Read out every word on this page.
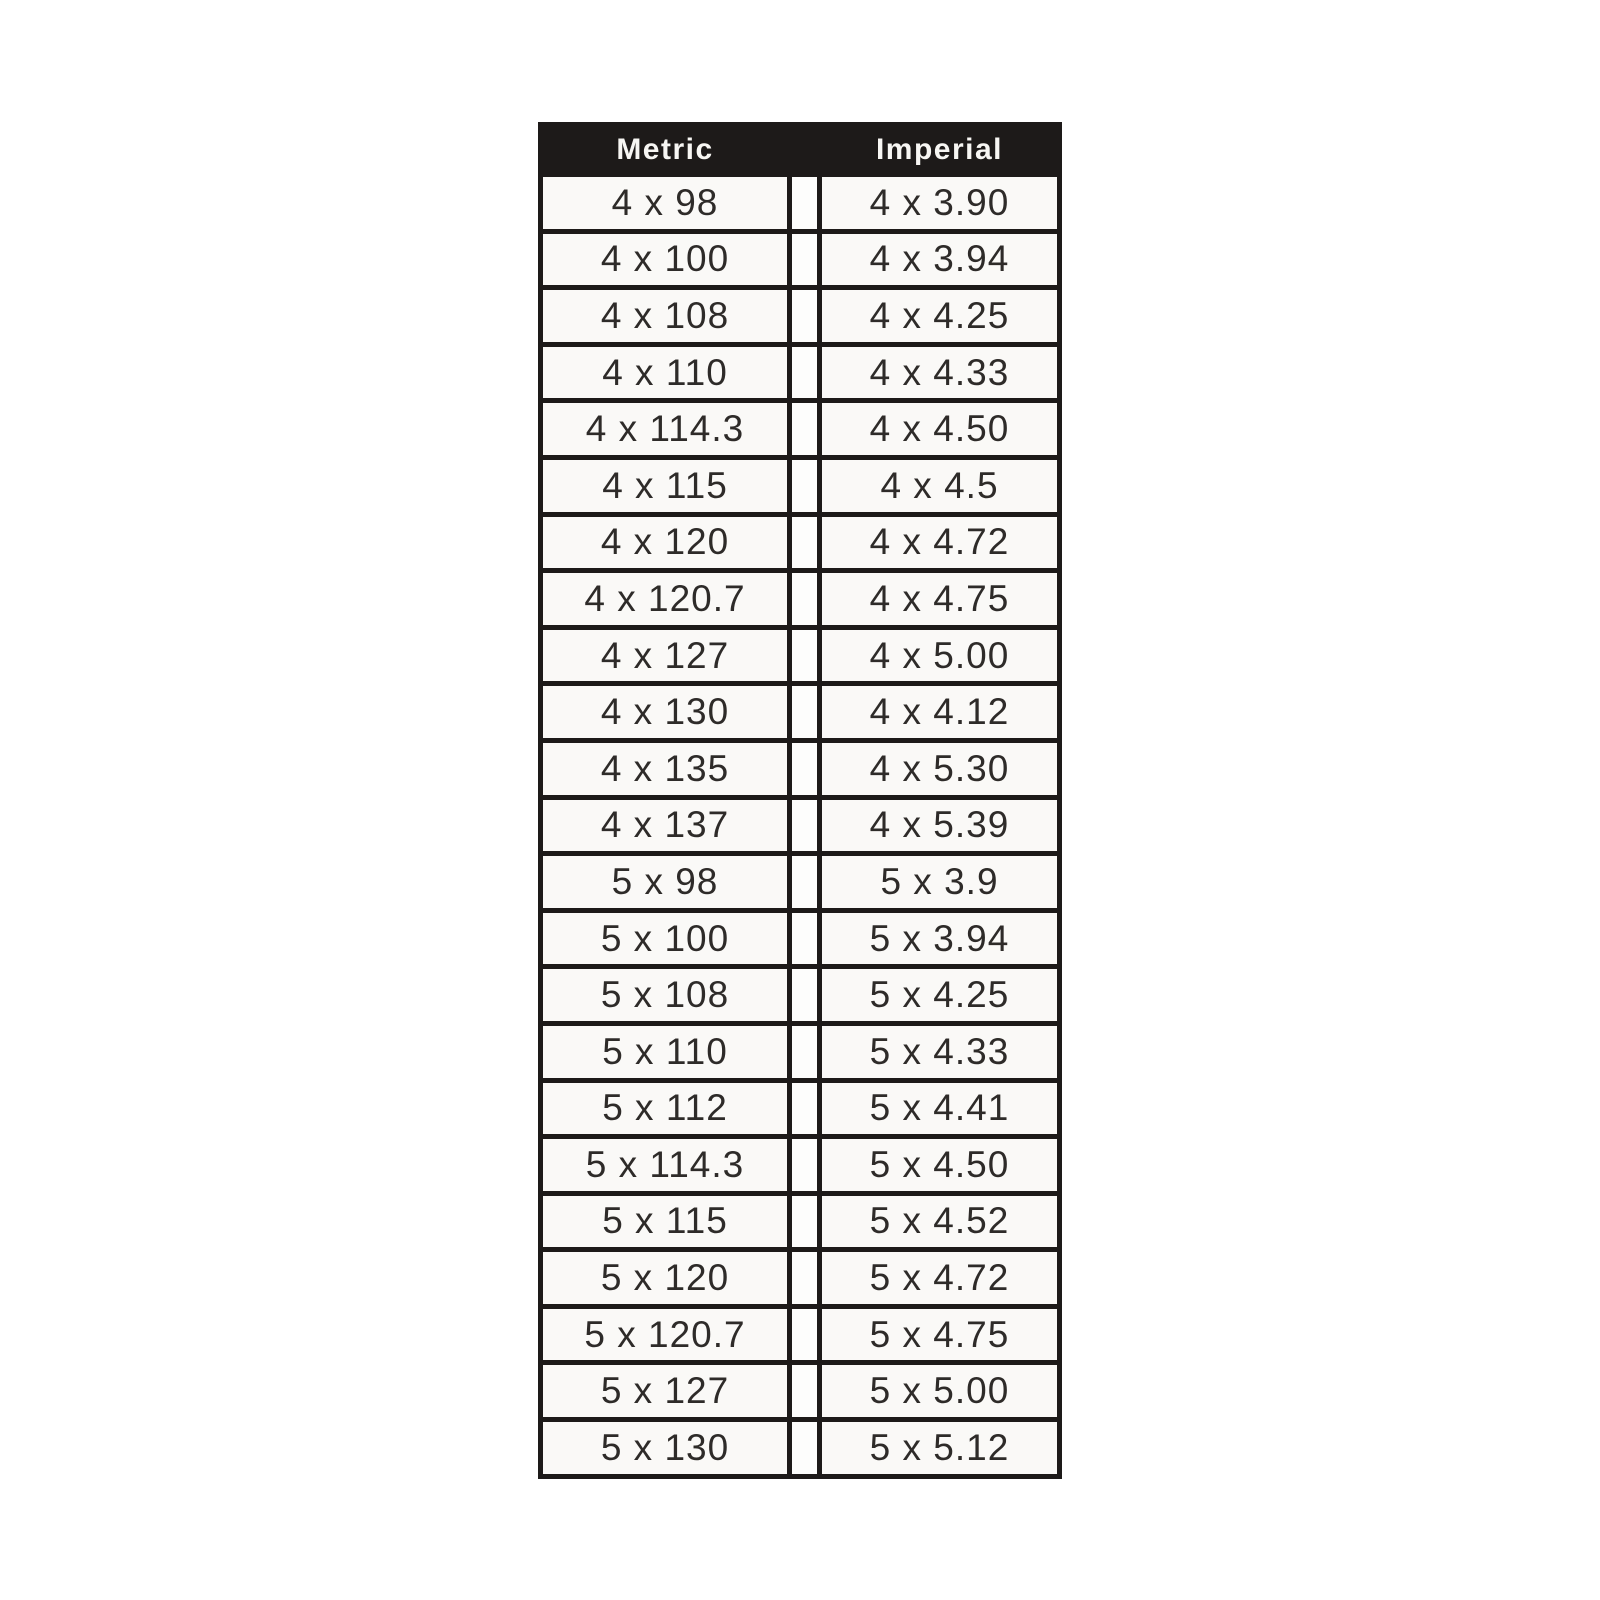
Metric		Imperial
4 x 98		4 x 3.90
4 x 100		4 x 3.94
4 x 108		4 x 4.25
4 x 110		4 x 4.33
4 x 114.3		4 x 4.50
4 x 115		4 x 4.5
4 x 120		4 x 4.72
4 x 120.7		4 x 4.75
4 x 127		4 x 5.00
4 x 130		4 x 4.12
4 x 135		4 x 5.30
4 x 137		4 x 5.39
5 x 98		5 x 3.9
5 x 100		5 x 3.94
5 x 108		5 x 4.25
5 x 110		5 x 4.33
5 x 112		5 x 4.41
5 x 114.3		5 x 4.50
5 x 115		5 x 4.52
5 x 120		5 x 4.72
5 x 120.7		5 x 4.75
5 x 127		5 x 5.00
5 x 130		5 x 5.12
